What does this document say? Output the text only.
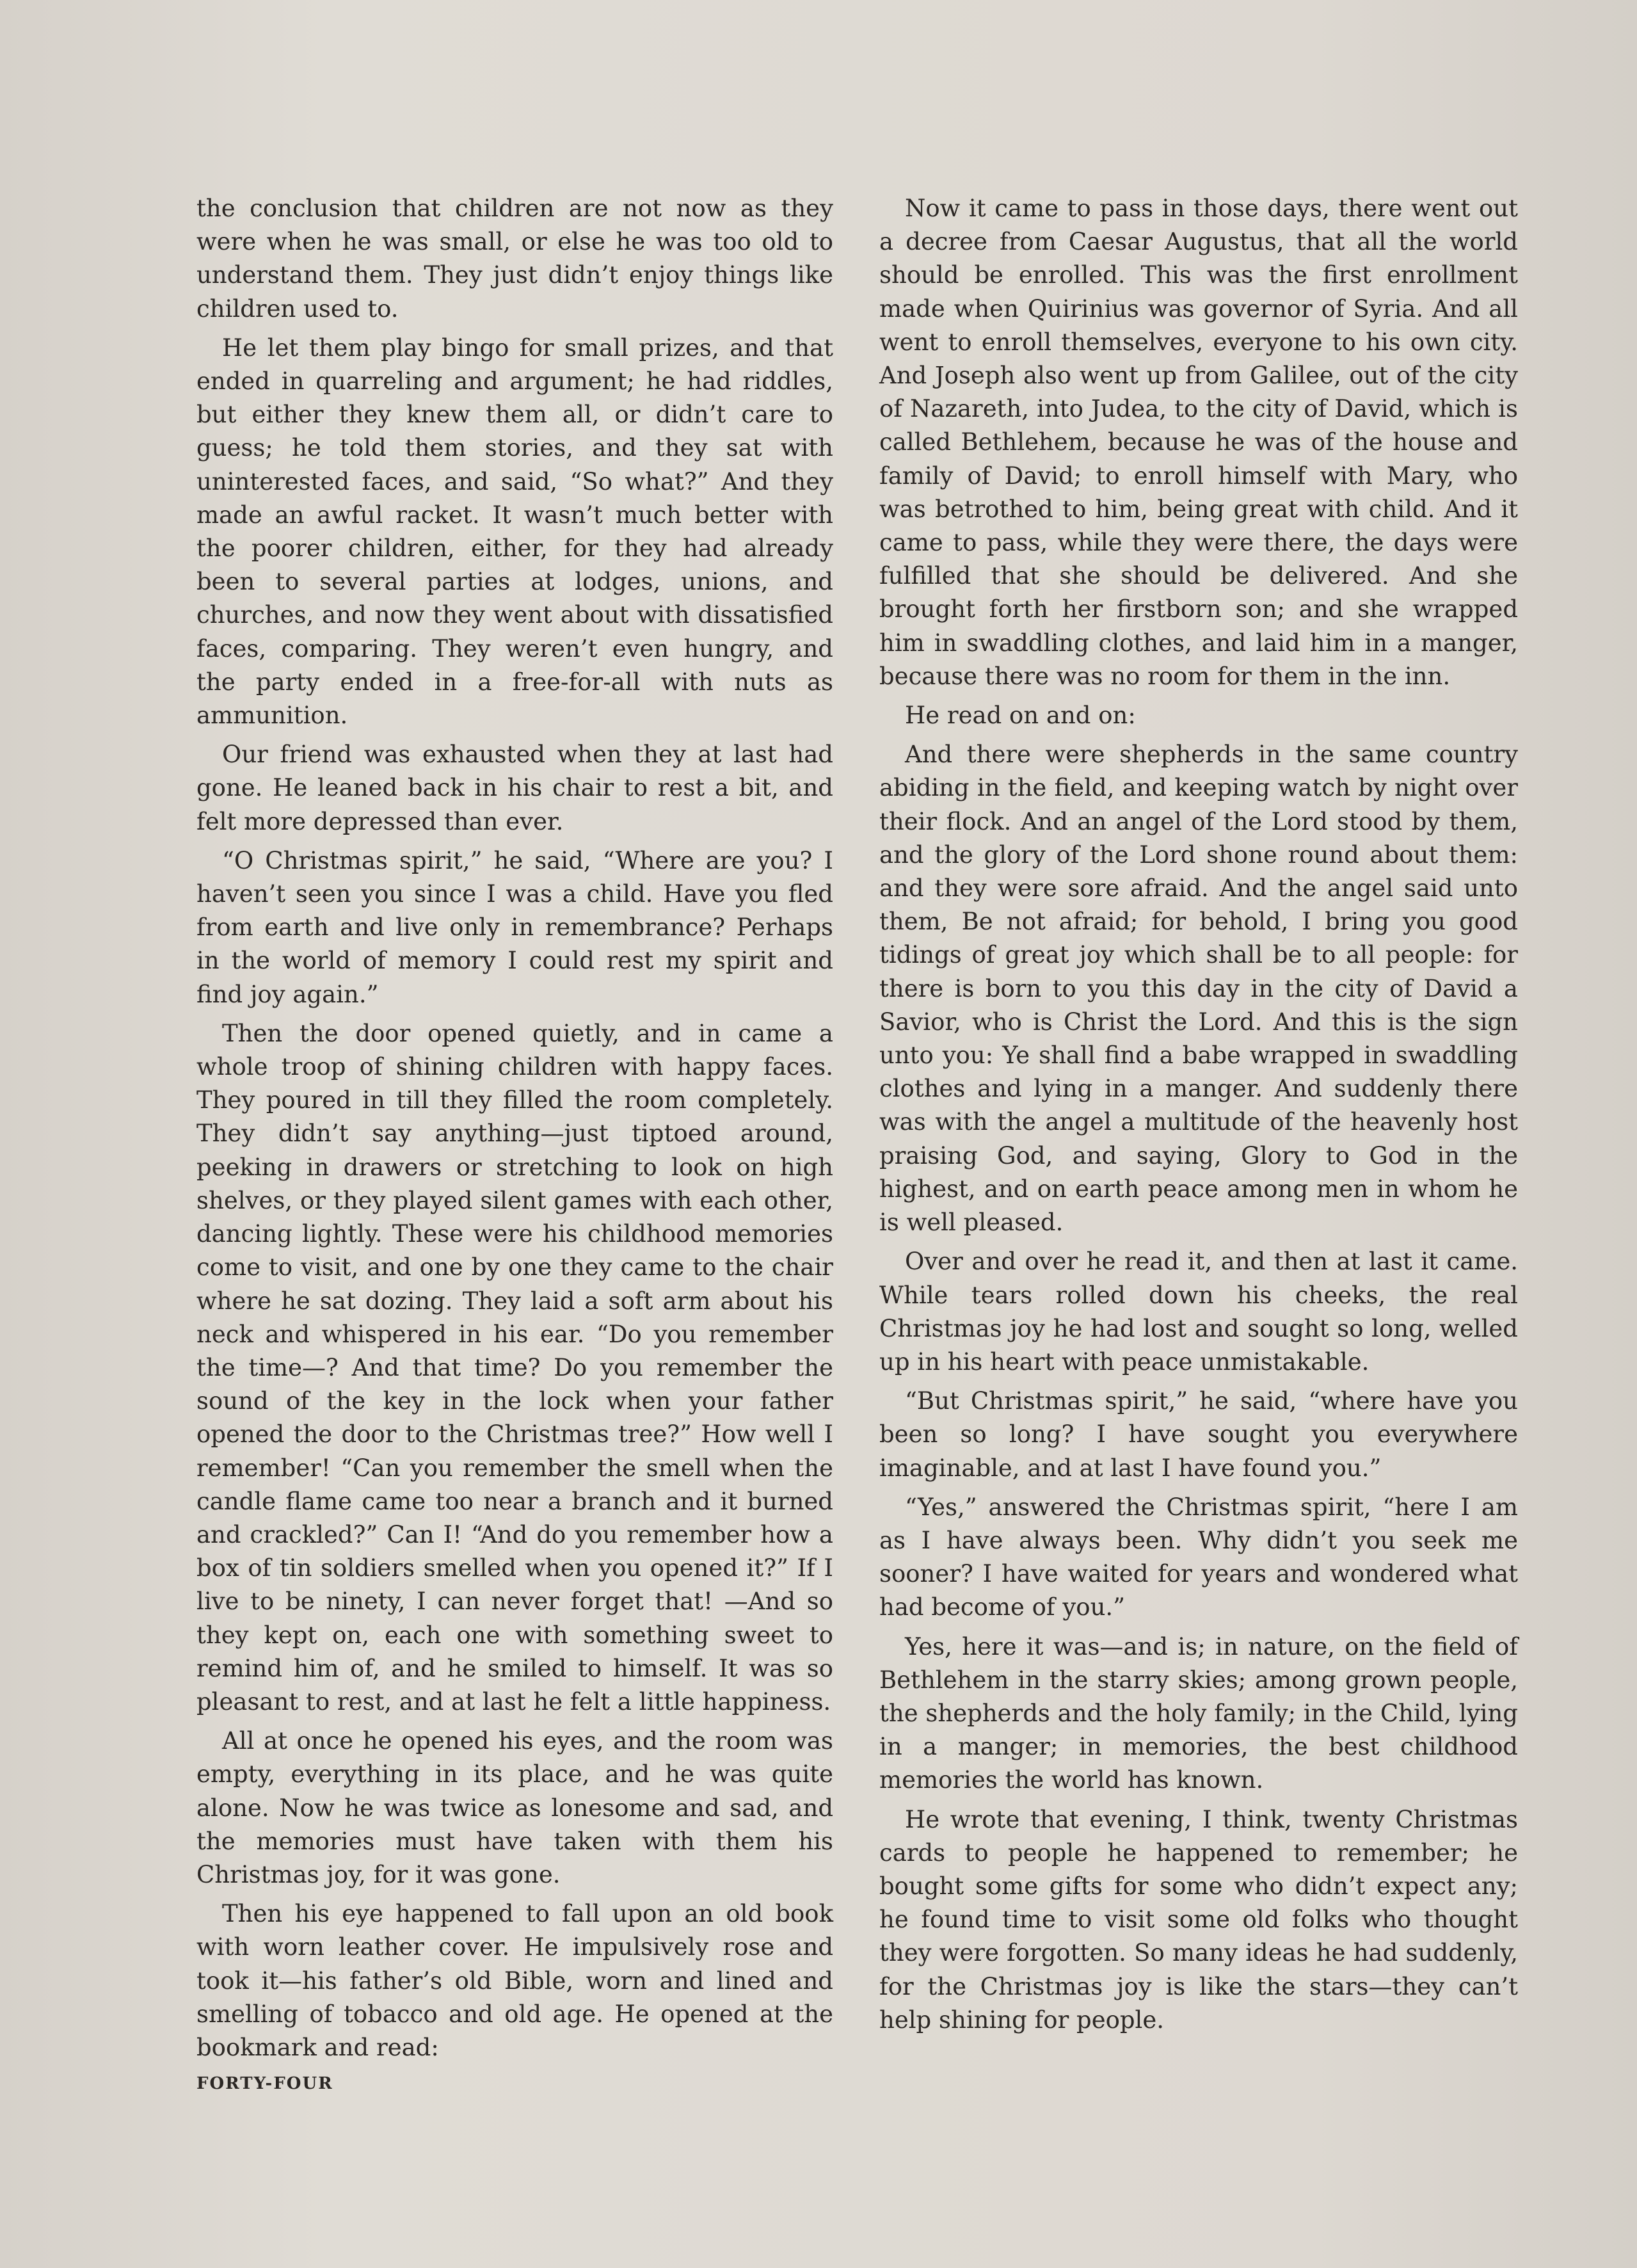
the conclusion that children are not now as they were when he was small, or else he was too old to understand them. They just didn’t enjoy things like children used to.

He let them play bingo for small prizes, and that ended in quarreling and argument; he had riddles, but either they knew them all, or didn’t care to guess; he told them stories, and they sat with uninterested faces, and said, “So what?” And they made an awful racket. It wasn’t much better with the poorer children, either, for they had already been to several parties at lodges, unions, and churches, and now they went about with dissatisfied faces, comparing. They weren’t even hungry, and the party ended in a free-for-all with nuts as ammunition.

Our friend was exhausted when they at last had gone. He leaned back in his chair to rest a bit, and felt more depressed than ever.

“O Christmas spirit,” he said, “Where are you? I haven’t seen you since I was a child. Have you fled from earth and live only in remembrance? Perhaps in the world of memory I could rest my spirit and find joy again.”

Then the door opened quietly, and in came a whole troop of shining children with happy faces. They poured in till they filled the room completely. They didn’t say anything—just tiptoed around, peeking in drawers or stretching to look on high shelves, or they played silent games with each other, dancing lightly. These were his childhood memories come to visit, and one by one they came to the chair where he sat dozing. They laid a soft arm about his neck and whispered in his ear. “Do you remember the time—? And that time? Do you remember the sound of the key in the lock when your father opened the door to the Christmas tree?” How well I remember! “Can you remember the smell when the candle flame came too near a branch and it burned and crackled?” Can I! “And do you remember how a box of tin soldiers smelled when you opened it?” If I live to be ninety, I can never forget that! —And so they kept on, each one with something sweet to remind him of, and he smiled to himself. It was so pleasant to rest, and at last he felt a little happiness.

All at once he opened his eyes, and the room was empty, everything in its place, and he was quite alone. Now he was twice as lonesome and sad, and the memories must have taken with them his Christmas joy, for it was gone.

Then his eye happened to fall upon an old book with worn leather cover. He impulsively rose and took it—his father’s old Bible, worn and lined and smelling of tobacco and old age. He opened at the bookmark and read:

Now it came to pass in those days, there went out a decree from Caesar Augustus, that all the world should be enrolled. This was the first enrollment made when Quirinius was governor of Syria. And all went to enroll themselves, everyone to his own city. And Joseph also went up from Galilee, out of the city of Nazareth, into Judea, to the city of David, which is called Bethlehem, because he was of the house and family of David; to enroll himself with Mary, who was betrothed to him, being great with child. And it came to pass, while they were there, the days were fulfilled that she should be delivered. And she brought forth her firstborn son; and she wrapped him in swaddling clothes, and laid him in a manger, because there was no room for them in the inn.

He read on and on:

And there were shepherds in the same country abiding in the field, and keeping watch by night over their flock. And an angel of the Lord stood by them, and the glory of the Lord shone round about them: and they were sore afraid. And the angel said unto them, Be not afraid; for behold, I bring you good tidings of great joy which shall be to all people: for there is born to you this day in the city of David a Savior, who is Christ the Lord. And this is the sign unto you: Ye shall find a babe wrapped in swaddling clothes and lying in a manger. And suddenly there was with the angel a multitude of the heavenly host praising God, and saying, Glory to God in the highest, and on earth peace among men in whom he is well pleased.

Over and over he read it, and then at last it came. While tears rolled down his cheeks, the real Christmas joy he had lost and sought so long, welled up in his heart with peace unmistakable.

“But Christmas spirit,” he said, “where have you been so long? I have sought you everywhere imaginable, and at last I have found you.”

“Yes,” answered the Christmas spirit, “here I am as I have always been. Why didn’t you seek me sooner? I have waited for years and wondered what had become of you.”

Yes, here it was—and is; in nature, on the field of Bethlehem in the starry skies; among grown people, the shepherds and the holy family; in the Child, lying in a manger; in memories, the best childhood memories the world has known.

He wrote that evening, I think, twenty Christmas cards to people he happened to remember; he bought some gifts for some who didn’t expect any; he found time to visit some old folks who thought they were forgotten. So many ideas he had suddenly, for the Christmas joy is like the stars—they can’t help shining for people.

FORTY-FOUR
